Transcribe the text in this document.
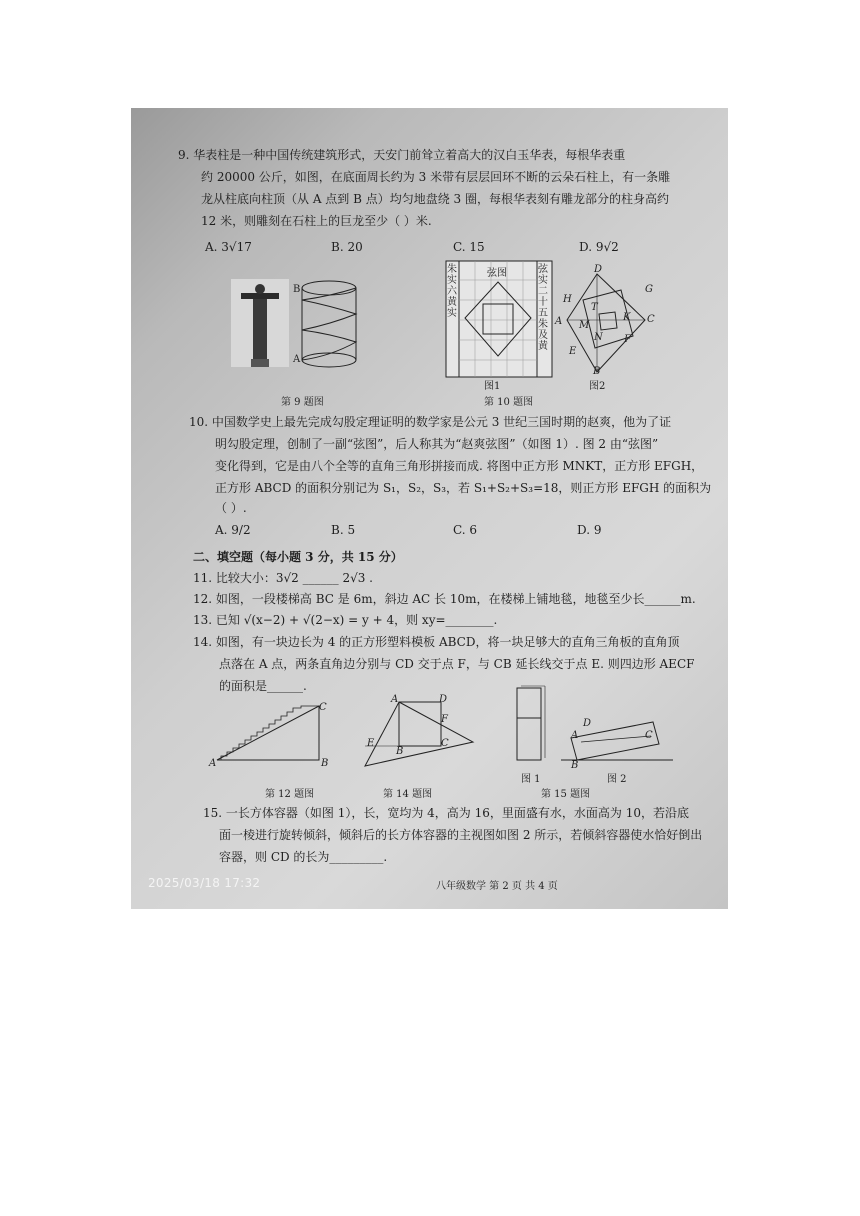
9. 华表柱是一种中国传统建筑形式，天安门前耸立着高大的汉白玉华表，每根华表重
约 20000 公斤，如图，在底面周长约为 3 米带有层层回环不断的云朵石柱上，有一条雕
龙从柱底向柱顶（从 A 点到 B 点）均匀地盘绕 3 圈，每根华表刻有雕龙部分的柱身高约
12 米，则雕刻在石柱上的巨龙至少（ ）米.
A. 3√17	B. 20	C. 15	D. 9√2
B
A
第 9 题图
朱实六黄实
弦图	弦实二十五朱及黄
D
G
H
T
K
A M
C
N F
E
B
图1	图2
第 10 题图
10. 中国数学史上最先完成勾股定理证明的数学家是公元 3 世纪三国时期的赵爽，他为了证
明勾股定理，创制了一副“弦图”，后人称其为“赵爽弦图”（如图 1）. 图 2 由“弦图”
变化得到，它是由八个全等的直角三角形拼接而成. 将图中正方形 MNKT，正方形 EFGH，
正方形 ABCD 的面积分别记为 S₁，S₂，S₃，若 S₁+S₂+S₃=18，则正方形 EFGH 的面积为
（ ）.
A. 9/2	B. 5	C. 6	D. 9
二、填空题（每小题 3 分，共 15 分）
11. 比较大小：3√2 ______ 2√3 .
12. 如图，一段楼梯高 BC 是 6m，斜边 AC 长 10m，在楼梯上铺地毯，地毯至少长______m.
13. 已知 √(x−2) + √(2−x) = y + 4，则 xy=________.
14. 如图，有一块边长为 4 的正方形塑料模板 ABCD，将一块足够大的直角三角板的直角顶
点落在 A 点，两条直角边分别与 CD 交于点 F，与 CB 延长线交于点 E. 则四边形 AECF
的面积是______.
A	B
C
第 12 题图
A	D
F
E
B
C
第 14 题图
A
B
C
D
图 1	图 2
第 15 题图
15. 一长方体容器（如图 1），长，宽均为 4，高为 16，里面盛有水，水面高为 10，若沿底
面一棱进行旋转倾斜，倾斜后的长方体容器的主视图如图 2 所示，若倾斜容器使水恰好倒出
容器，则 CD 的长为_________.
2025/03/18 17:32	八年级数学 第 2 页 共 4 页
